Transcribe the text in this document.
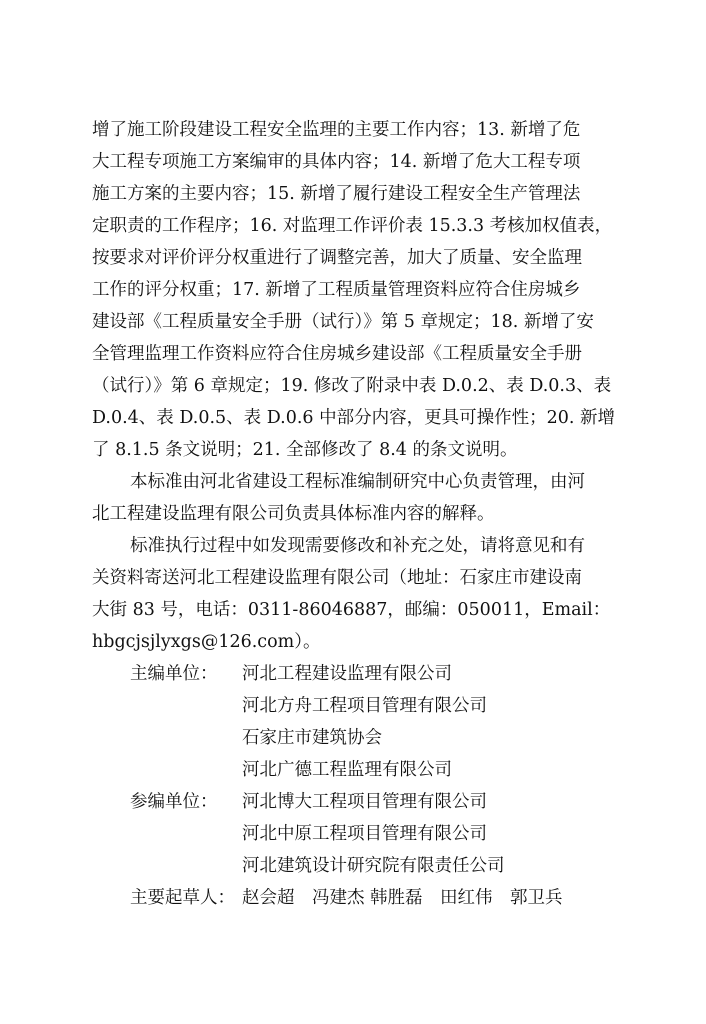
增了施工阶段建设工程安全监理的主要工作内容；13. 新增了危
大工程专项施工方案编审的具体内容；14. 新增了危大工程专项
施工方案的主要内容；15. 新增了履行建设工程安全生产管理法
定职责的工作程序；16. 对监理工作评价表 15.3.3 考核加权值表，
按要求对评价评分权重进行了调整完善，加大了质量、安全监理
工作的评分权重；17. 新增了工程质量管理资料应符合住房城乡
建设部《工程质量安全手册（试行）》第 5 章规定；18. 新增了安
全管理监理工作资料应符合住房城乡建设部《工程质量安全手册
（试行）》第 6 章规定；19. 修改了附录中表 D.0.2、表 D.0.3、表
D.0.4、表 D.0.5、表 D.0.6 中部分内容，更具可操作性；20. 新增
了 8.1.5 条文说明；21. 全部修改了 8.4 的条文说明。
本标准由河北省建设工程标准编制研究中心负责管理，由河
北工程建设监理有限公司负责具体标准内容的解释。
标准执行过程中如发现需要修改和补充之处，请将意见和有
关资料寄送河北工程建设监理有限公司（地址：石家庄市建设南
大街 83 号，电话：0311-86046887，邮编：050011，Email：
hbgcjsjlyxgs@126.com）。
主编单位： 河北工程建设监理有限公司
河北方舟工程项目管理有限公司
石家庄市建筑协会
河北广德工程监理有限公司
参编单位： 河北博大工程项目管理有限公司
河北中原工程项目管理有限公司
河北建筑设计研究院有限责任公司
主要起草人： 赵会超　冯建杰 韩胜磊　田红伟　郭卫兵
